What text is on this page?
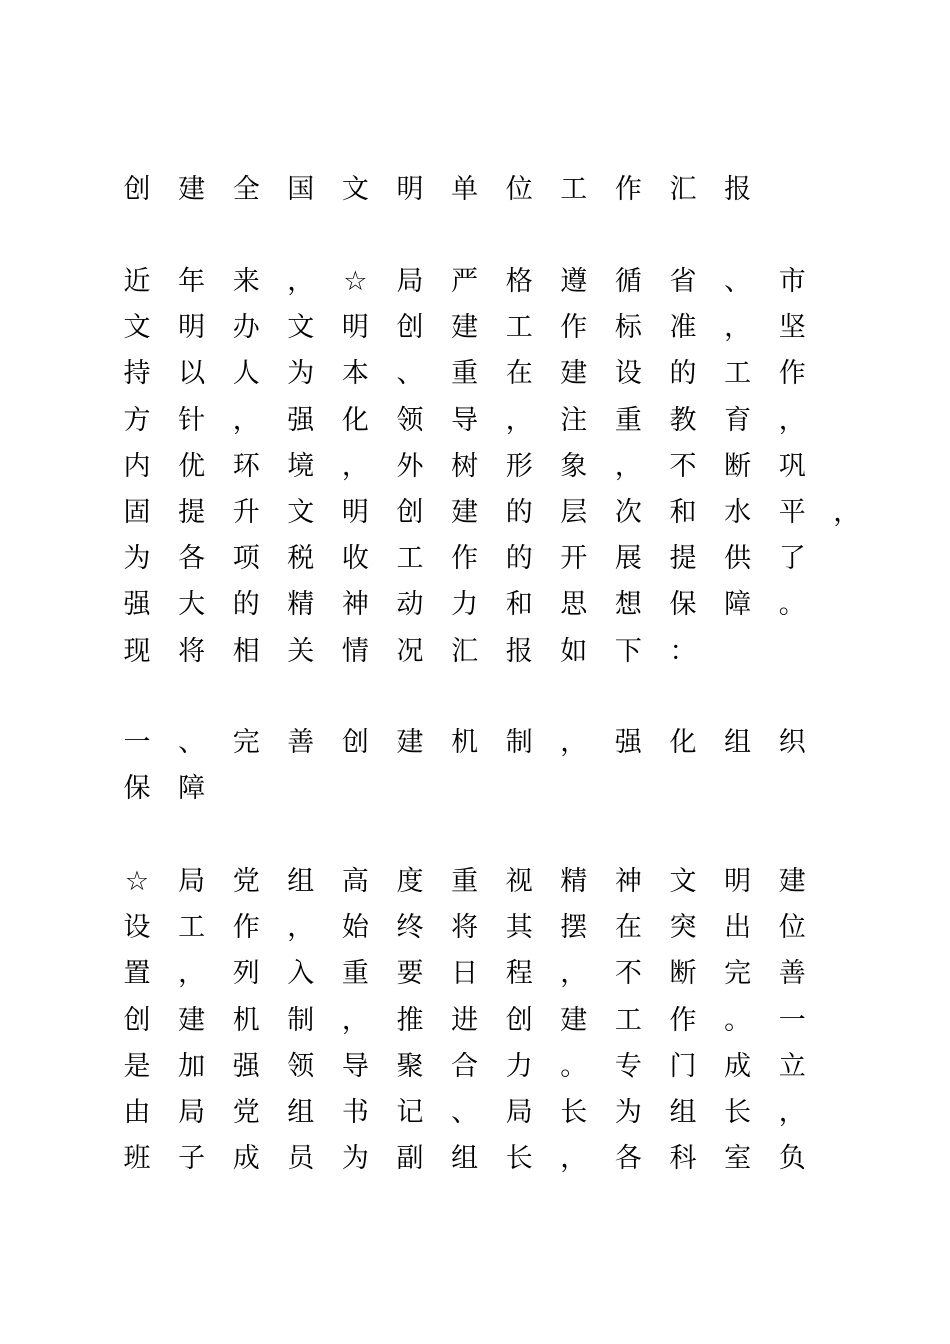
创 建 全 国 文 明 单 位 工 作 汇 报
近 年 来 ， ☆ 局 严 格 遵 循 省 、 市
文 明 办 文 明 创 建 工 作 标 准 ， 坚
持 以 人 为 本 、 重 在 建 设 的 工 作
方 针 ， 强 化 领 导 ， 注 重 教 育 ，
内 优 环 境 ， 外 树 形 象 ， 不 断 巩
固 提 升 文 明 创 建 的 层 次 和 水 平 ，
为 各 项 税 收 工 作 的 开 展 提 供 了
强 大 的 精 神 动 力 和 思 想 保 障 。
现 将 相 关 情 况 汇 报 如 下 ：
一 、 完 善 创 建 机 制 ， 强 化 组 织
保 障
☆ 局 党 组 高 度 重 视 精 神 文 明 建
设 工 作 ， 始 终 将 其 摆 在 突 出 位
置 ， 列 入 重 要 日 程 ， 不 断 完 善
创 建 机 制 ， 推 进 创 建 工 作 。 一
是 加 强 领 导 聚 合 力 。 专 门 成 立
由 局 党 组 书 记 、 局 长 为 组 长 ，
班 子 成 员 为 副 组 长 ， 各 科 室 负
